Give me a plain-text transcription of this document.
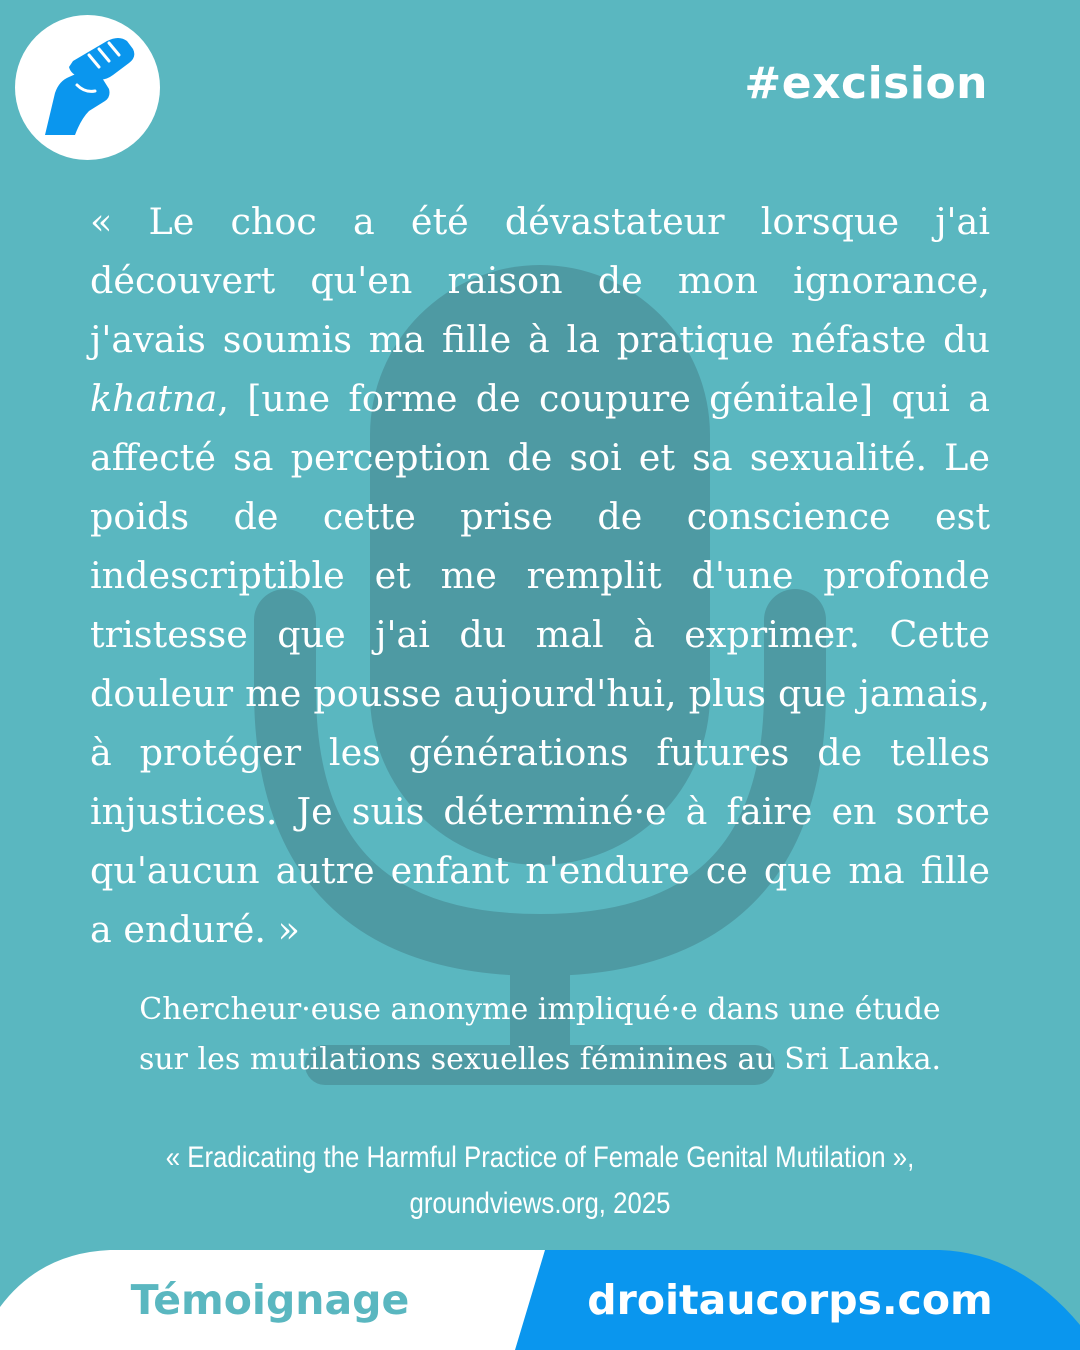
#excision

« Le choc a été dévastateur lorsque j'ai découvert qu'en raison de mon ignorance, j'avais soumis ma fille à la pratique néfaste du khatna, [une forme de coupure génitale] qui a affecté sa perception de soi et sa sexualité. Le poids de cette prise de conscience est indescriptible et me remplit d'une profonde tristesse que j'ai du mal à exprimer. Cette douleur me pousse aujourd'hui, plus que jamais, à protéger les générations futures de telles injustices. Je suis déterminé·e à faire en sorte qu'aucun autre enfant n'endure ce que ma fille a enduré. »

Chercheur·euse anonyme impliqué·e dans une étude
sur les mutilations sexuelles féminines au Sri Lanka.
« Eradicating the Harmful Practice of Female Genital Mutilation »,
groundviews.org, 2025
Témoignage	droitaucorps.com
